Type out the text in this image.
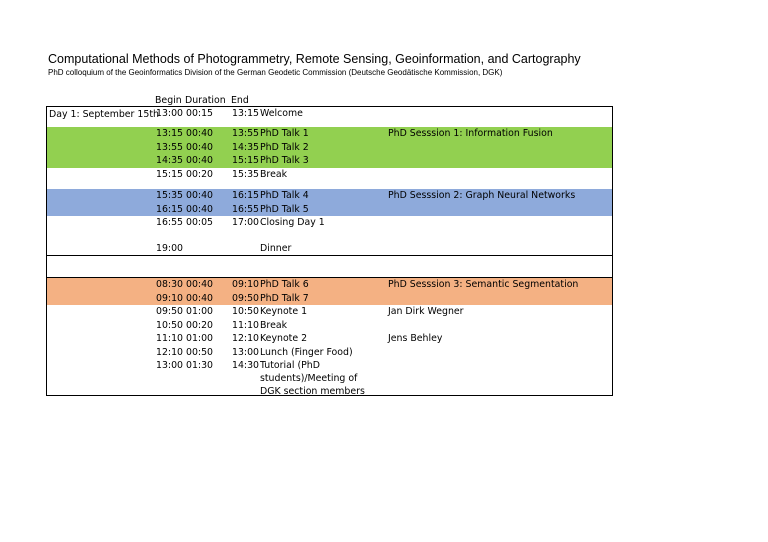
Computational Methods of Photogrammetry, Remote Sensing, Geoinformation, and Cartography
PhD colloquium of the Geoinformatics Division of the German Geodetic Commission (Deutsche Geodätische Kommission, DGK)
Begin Duration End
Day 1: September 15th
13:00 00:15 13:15 Welcome
13:15 00:40 13:55 PhD Talk 1	PhD Sesssion 1: Information Fusion
13:55 00:40 14:35 PhD Talk 2
14:35 00:40 15:15 PhD Talk 3
15:15 00:20 15:35 Break
15:35 00:40 16:15 PhD Talk 4	PhD Sesssion 2: Graph Neural Networks
16:15 00:40 16:55 PhD Talk 5
16:55 00:05 17:00 Closing Day 1
19:00	Dinner
08:30 00:40 09:10 PhD Talk 6	PhD Sesssion 3: Semantic Segmentation
09:10 00:40 09:50 PhD Talk 7
09:50 01:00 10:50 Keynote 1	Jan Dirk Wegner
10:50 00:20 11:10 Break
11:10 01:00 12:10 Keynote 2	Jens Behley
12:10 00:50 13:00 Lunch (Finger Food)
13:00 01:30 14:30 Tutorial (PhD students)/Meeting of DGK section members
